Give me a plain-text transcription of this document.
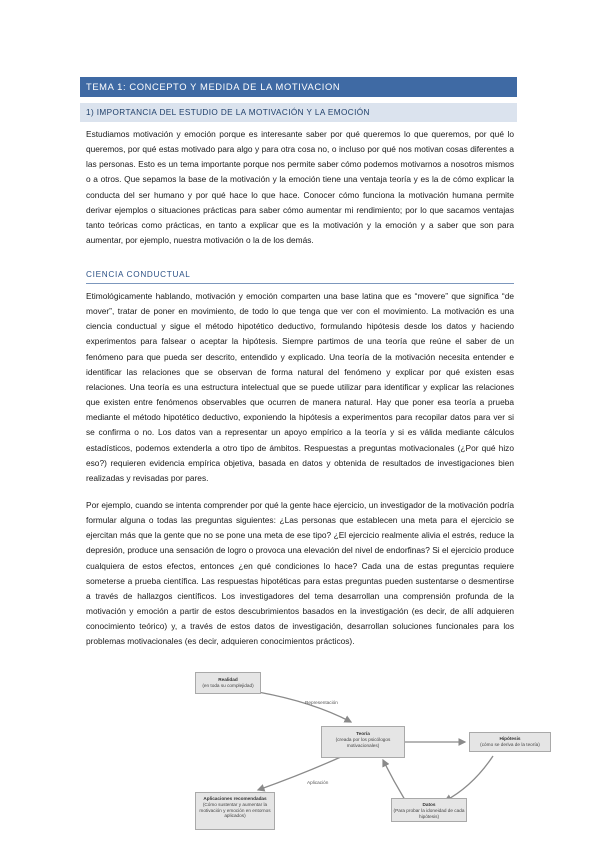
TEMA 1: CONCEPTO Y MEDIDA DE LA MOTIVACION
1) IMPORTANCIA DEL ESTUDIO DE LA MOTIVACIÓN Y LA EMOCIÓN

Estudiamos motivación y emoción porque es interesante saber por qué queremos lo que queremos, por qué lo queremos, por qué estas motivado para algo y para otra cosa no, o incluso por qué nos motivan cosas diferentes a las personas. Esto es un tema importante porque nos permite saber cómo podemos motivarnos a nosotros mismos o a otros. Que sepamos la base de la motivación y la emoción tiene una ventaja teoría y es la de cómo explicar la conducta del ser humano y por qué hace lo que hace. Conocer cómo funciona la motivación humana permite derivar ejemplos o situaciones prácticas para saber cómo aumentar mi rendimiento; por lo que sacamos ventajas tanto teóricas como prácticas, en tanto a explicar que es la motivación y la emoción y a saber que son para aumentar, por ejemplo, nuestra motivación o la de los demás.

CIENCIA CONDUCTUAL

Etimológicamente hablando, motivación y emoción comparten una base latina que es “movere” que significa “de mover”, tratar de poner en movimiento, de todo lo que tenga que ver con el movimiento. La motivación es una ciencia conductual y sigue el método hipotético deductivo, formulando hipótesis desde los datos y haciendo experimentos para falsear o aceptar la hipótesis. Siempre partimos de una teoría que reúne el saber de un fenómeno para que pueda ser descrito, entendido y explicado. Una teoría de la motivación necesita entender e identificar las relaciones que se observan de forma natural del fenómeno y explicar por qué existen esas relaciones. Una teoría es una estructura intelectual que se puede utilizar para identificar y explicar las relaciones que existen entre fenómenos observables que ocurren de manera natural. Hay que poner esa teoría a prueba mediante el método hipotético deductivo, exponiendo la hipótesis a experimentos para recopilar datos para ver si se confirma o no. Los datos van a representar un apoyo empírico a la teoría y si es válida mediante cálculos estadísticos, podemos extenderla a otro tipo de ámbitos. Respuestas a preguntas motivacionales (¿Por qué hizo eso?) requieren evidencia empírica objetiva, basada en datos y obtenida de resultados de investigaciones bien realizadas y revisadas por pares.

Por ejemplo, cuando se intenta comprender por qué la gente hace ejercicio, un investigador de la motivación podría formular alguna o todas las preguntas siguientes: ¿Las personas que establecen una meta para el ejercicio se ejercitan más que la gente que no se pone una meta de ese tipo? ¿El ejercicio realmente alivia el estrés, reduce la depresión, produce una sensación de logro o provoca una elevación del nivel de endorfinas? Si el ejercicio produce cualquiera de estos efectos, entonces ¿en qué condiciones lo hace? Cada una de estas preguntas requiere someterse a prueba científica. Las respuestas hipotéticas para estas preguntas pueden sustentarse o desmentirse a través de hallazgos científicos. Los investigadores del tema desarrollan una comprensión profunda de la motivación y emoción a partir de estos descubrimientos basados en la investigación (es decir, de allí adquieren conocimiento teórico) y, a través de estos datos de investigación, desarrollan soluciones funcionales para los problemas motivacionales (es decir, adquieren conocimientos prácticos).

Representación
Aplicación
Realidad
(en toda su complejidad)
Teoría
(creada por los psicólogos motivacionales)
Hipótesis
(cómo se deriva de la teoría)
Aplicaciones recomendadas
(Cómo sustentar y aumentar la motivación y emoción en entornos aplicados)
Datos
(Para probar la idoneidad de cada hipótesis)
